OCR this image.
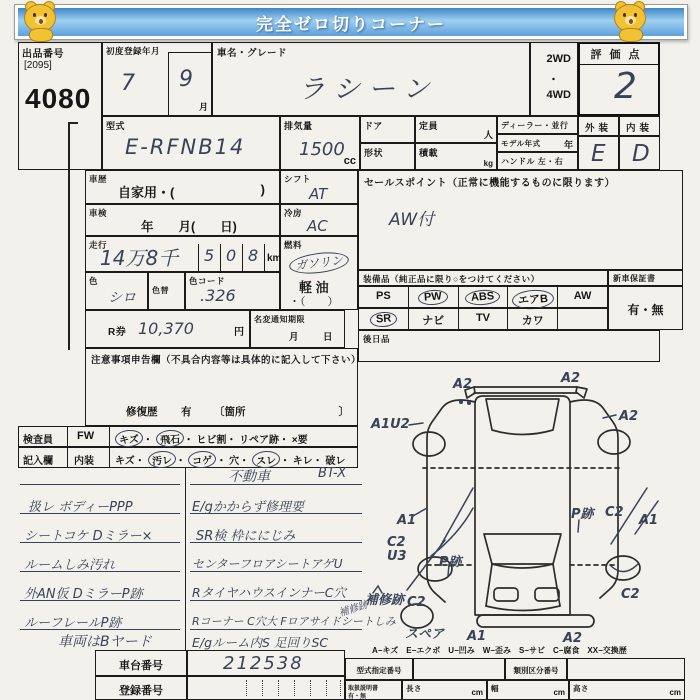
完全ゼロ切りコーナー
出品番号
[2095]
4080
初度登録年月
7 9
月
車名・グレード
ラシーン
2WD
・
4WD
評価点
2
型式
E-RFNB14
排気量
1500
cc
ドア
形状
定員
人
積載
kg
ディーラー・並行
モデル年式	年
ハンドル 左・右
外装	内装
E D
車歴
自家用・(	)
シフト
AT
車検
年　　月(　　日)
冷房
AC
走行
14万8千 5 0 8 km
燃料
ガソリン
軽 油
・（　　）
色
シロ 色替
色コード
.326
R券 10,370	円
名変通知期限
月	日
セールスポイント（正常に機能するものに限ります）
AW付
装備品（純正品に限り○をつけてください）	新車保証書
有・無
PS	PW	ABS	エアB	AW
SR	ナビ	TV	カワ
後日品
注意事項申告欄（不具合内容等は具体的に記入して下さい）
修復歴 有 〔箇所	〕
検査員 FW	キズ ・ 飛石 ・ ヒビ割・ リペア跡・ ×要
記入欄 内装 キズ・ 汚レ ・ コゲ ・ 穴・ スレ ・ キレ・ 破レ
扱レ ボディーPPP
シートコケ Dミラー×
ルームしみ汚れ
外AN仮 DミラーP跡
ルーフレールP跡
車両はBヤード
不動車	BT-X
E/gかからず修理要
SR検 枠ににじみ
センターフロアシートアゲU
RタイヤハウスインナーC穴
Rコーナー C穴大 Fロアサイドシートしみ
E/gルーム内S 足回りSC
補修跡
A2	A2
A1U2
A2
A1	P跡 C2
A1
C2
U3 P跡
補修跡 C2
スペア
C2
A1	A2
A−キズ　E−エクボ　U−凹み　W−歪み　S−サビ　C−腐食　XX−交換歴
車台番号	212538
登録番号
型式指定番号	類別区分番号
取扱説明書
有・無
長さ	cm 幅	cm 高さ	cm
